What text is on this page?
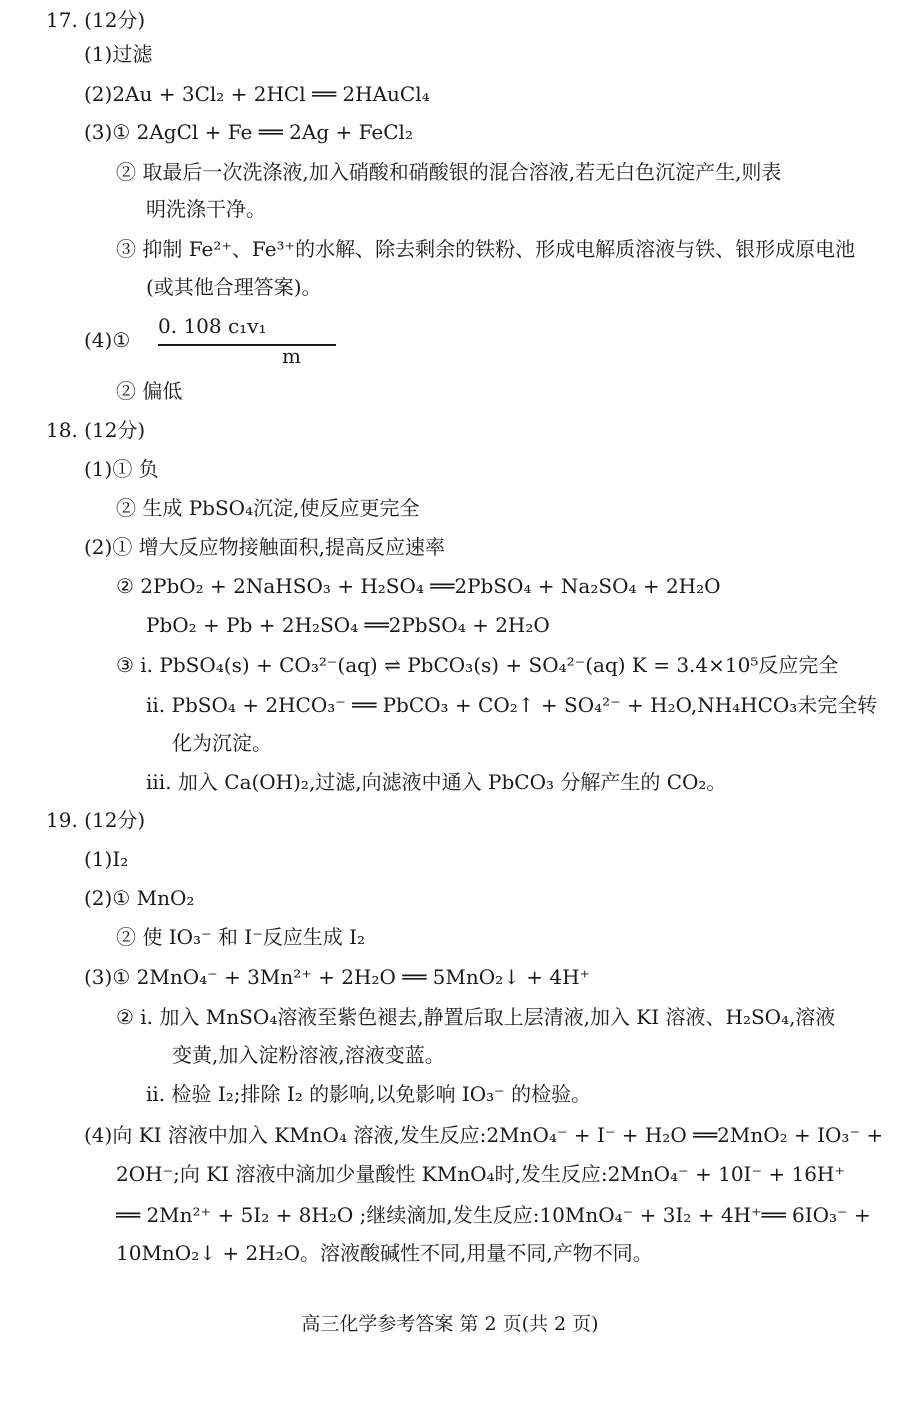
17. (12分)
(1)过滤
(2)2Au + 3Cl₂ + 2HCl ══ 2HAuCl₄
(3)① 2AgCl + Fe ══ 2Ag + FeCl₂
② 取最后一次洗涤液,加入硝酸和硝酸银的混合溶液,若无白色沉淀产生,则表
明洗涤干净。
③ 抑制 Fe²⁺、Fe³⁺的水解、除去剩余的铁粉、形成电解质溶液与铁、银形成原电池
(或其他合理答案)。
(4)①
0. 108 c₁v₁
m
② 偏低
18. (12分)
(1)① 负
② 生成 PbSO₄沉淀,使反应更完全
(2)① 增大反应物接触面积,提高反应速率
② 2PbO₂ + 2NaHSO₃ + H₂SO₄ ══2PbSO₄ + Na₂SO₄ + 2H₂O
PbO₂ + Pb + 2H₂SO₄ ══2PbSO₄ + 2H₂O
③ i. PbSO₄(s) + CO₃²⁻(aq) ⇌ PbCO₃(s) + SO₄²⁻(aq) K = 3.4×10⁵反应完全
ii. PbSO₄ + 2HCO₃⁻ ══ PbCO₃ + CO₂↑ + SO₄²⁻ + H₂O,NH₄HCO₃未完全转
化为沉淀。
iii. 加入 Ca(OH)₂,过滤,向滤液中通入 PbCO₃ 分解产生的 CO₂。
19. (12分)
(1)I₂
(2)① MnO₂
② 使 IO₃⁻ 和 I⁻反应生成 I₂
(3)① 2MnO₄⁻ + 3Mn²⁺ + 2H₂O ══ 5MnO₂↓ + 4H⁺
② i. 加入 MnSO₄溶液至紫色褪去,静置后取上层清液,加入 KI 溶液、H₂SO₄,溶液
变黄,加入淀粉溶液,溶液变蓝。
ii. 检验 I₂;排除 I₂ 的影响,以免影响 IO₃⁻ 的检验。
(4)向 KI 溶液中加入 KMnO₄ 溶液,发生反应:2MnO₄⁻ + I⁻ + H₂O ══2MnO₂ + IO₃⁻ +
2OH⁻;向 KI 溶液中滴加少量酸性 KMnO₄时,发生反应:2MnO₄⁻ + 10I⁻ + 16H⁺
══ 2Mn²⁺ + 5I₂ + 8H₂O ;继续滴加,发生反应:10MnO₄⁻ + 3I₂ + 4H⁺══ 6IO₃⁻ +
10MnO₂↓ + 2H₂O。溶液酸碱性不同,用量不同,产物不同。
高三化学参考答案 第 2 页(共 2 页)
